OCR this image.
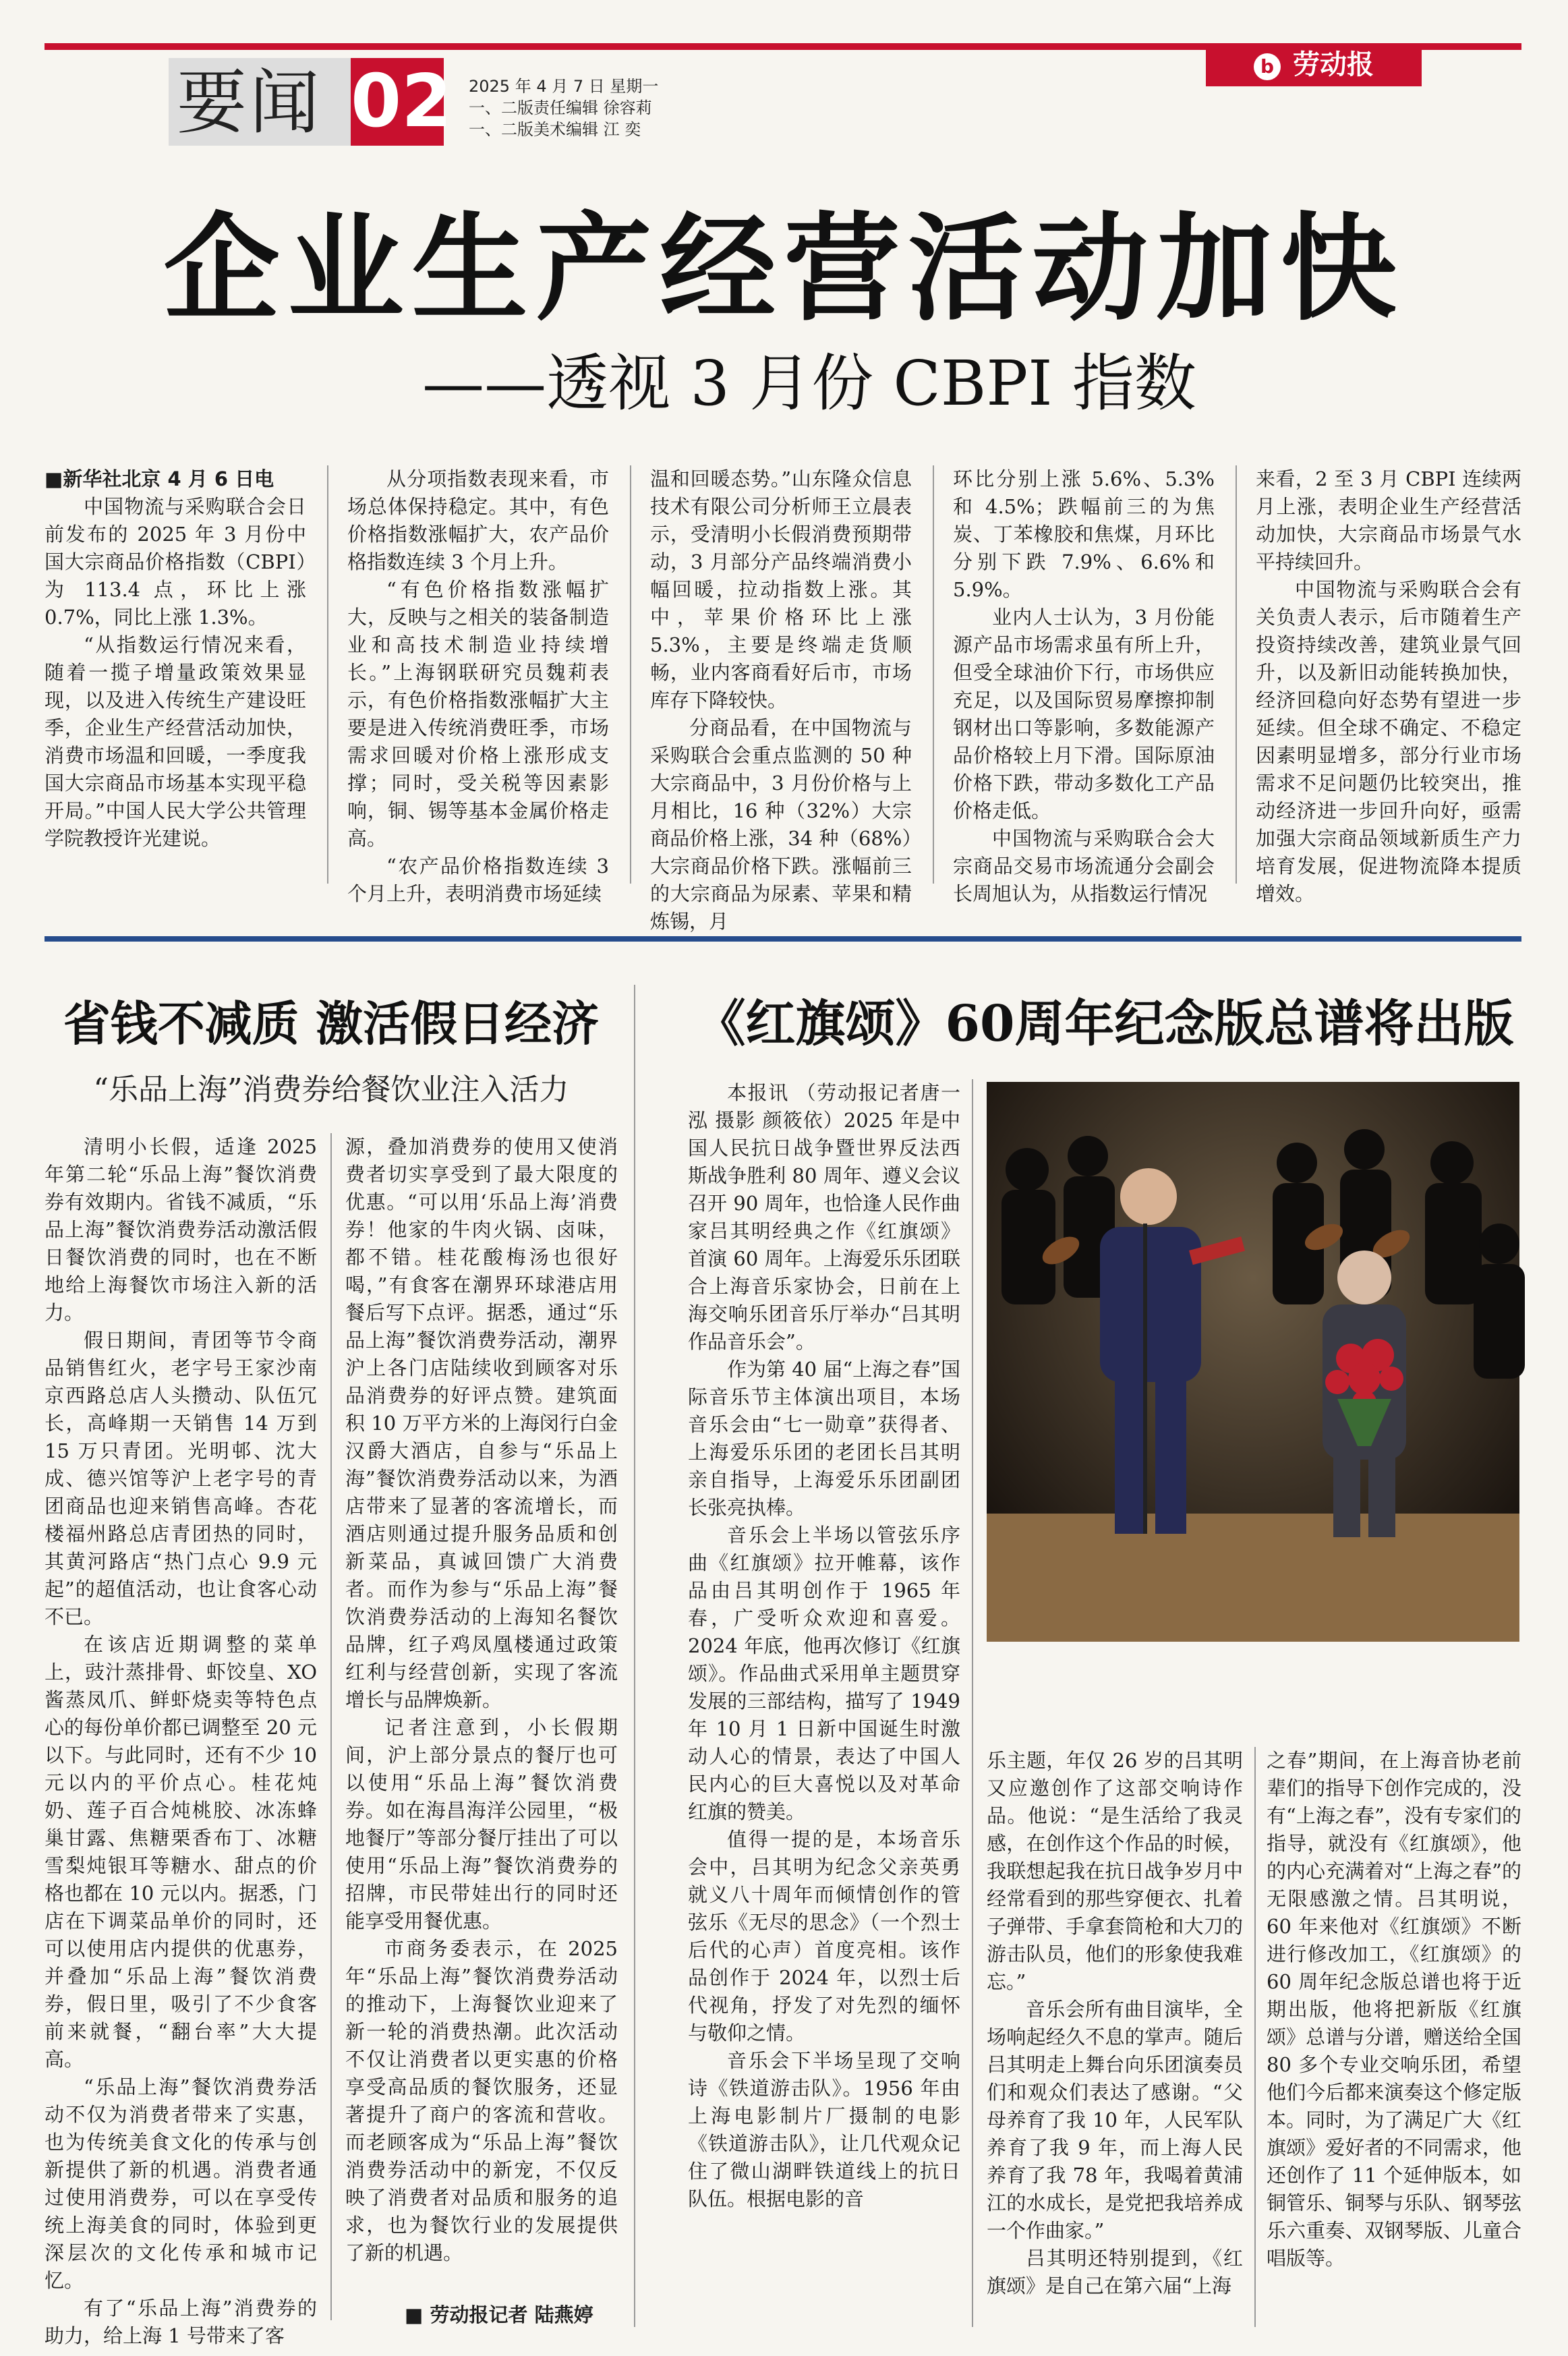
要闻 02 2025 年 4 月 7 日 星期一
一、二版责任编辑 徐容莉
一、二版美术编辑 江 奕
b 劳动报
企业生产经营活动加快
——透视 3 月份 CBPI 指数

■新华社北京 4 月 6 日电

中国物流与采购联合会日前发布的 2025 年 3 月份中国大宗商品价格指数（CBPI）为 113.4 点，环比上涨 0.7%，同比上涨 1.3%。

“从指数运行情况来看，随着一揽子增量政策效果显现，以及进入传统生产建设旺季，企业生产经营活动加快，消费市场温和回暖，一季度我国大宗商品市场基本实现平稳开局。”中国人民大学公共管理学院教授许光建说。

从分项指数表现来看，市场总体保持稳定。其中，有色价格指数涨幅扩大，农产品价格指数连续 3 个月上升。

“有色价格指数涨幅扩大，反映与之相关的装备制造业和高技术制造业持续增长。”上海钢联研究员魏莉表示，有色价格指数涨幅扩大主要是进入传统消费旺季，市场需求回暖对价格上涨形成支撑；同时，受关税等因素影响，铜、锡等基本金属价格走高。

“农产品价格指数连续 3 个月上升，表明消费市场延续

温和回暖态势。”山东隆众信息技术有限公司分析师王立晨表示，受清明小长假消费预期带动，3 月部分产品终端消费小幅回暖，拉动指数上涨。其中，苹果价格环比上涨 5.3%，主要是终端走货顺畅，业内客商看好后市，市场库存下降较快。

分商品看，在中国物流与采购联合会重点监测的 50 种大宗商品中，3 月份价格与上月相比，16 种（32%）大宗商品价格上涨，34 种（68%）大宗商品价格下跌。涨幅前三的大宗商品为尿素、苹果和精炼锡，月

环比分别上涨 5.6%、5.3%和 4.5%；跌幅前三的为焦炭、丁苯橡胶和焦煤，月环比分别下跌 7.9%、6.6%和 5.9%。

业内人士认为，3 月份能源产品市场需求虽有所上升，但受全球油价下行，市场供应充足，以及国际贸易摩擦抑制钢材出口等影响，多数能源产品价格较上月下滑。国际原油价格下跌，带动多数化工产品价格走低。

中国物流与采购联合会大宗商品交易市场流通分会副会长周旭认为，从指数运行情况

来看，2 至 3 月 CBPI 连续两月上涨，表明企业生产经营活动加快，大宗商品市场景气水平持续回升。

中国物流与采购联合会有关负责人表示，后市随着生产投资持续改善，建筑业景气回升，以及新旧动能转换加快，经济回稳向好态势有望进一步延续。但全球不确定、不稳定因素明显增多，部分行业市场需求不足问题仍比较突出，推动经济进一步回升向好，亟需加强大宗商品领域新质生产力培育发展，促进物流降本提质增效。

省钱不减质 激活假日经济
“乐品上海”消费券给餐饮业注入活力

清明小长假，适逢 2025 年第二轮“乐品上海”餐饮消费券有效期内。省钱不减质，“乐品上海”餐饮消费券活动激活假日餐饮消费的同时，也在不断地给上海餐饮市场注入新的活力。

假日期间，青团等节令商品销售红火，老字号王家沙南京西路总店人头攒动、队伍冗长，高峰期一天销售 14 万到 15 万只青团。光明邨、沈大成、德兴馆等沪上老字号的青团商品也迎来销售高峰。杏花楼福州路总店青团热的同时，其黄河路店“热门点心 9.9 元起”的超值活动，也让食客心动不已。

在该店近期调整的菜单上，豉汁蒸排骨、虾饺皇、XO 酱蒸凤爪、鲜虾烧卖等特色点心的每份单价都已调整至 20 元以下。与此同时，还有不少 10 元以内的平价点心。桂花炖奶、莲子百合炖桃胶、冰冻蜂巢甘露、焦糖栗香布丁、冰糖雪梨炖银耳等糖水、甜点的价格也都在 10 元以内。据悉，门店在下调菜品单价的同时，还可以使用店内提供的优惠券，并叠加“乐品上海”餐饮消费券，假日里，吸引了不少食客前来就餐，“翻台率”大大提高。

“乐品上海”餐饮消费券活动不仅为消费者带来了实惠，也为传统美食文化的传承与创新提供了新的机遇。消费者通过使用消费券，可以在享受传统上海美食的同时，体验到更深层次的文化传承和城市记忆。

有了“乐品上海”消费券的助力，给上海 1 号带来了客

源，叠加消费券的使用又使消费者切实享受到了最大限度的优惠。“可以用‘乐品上海’消费券！他家的牛肉火锅、卤味，都不错。桂花酸梅汤也很好喝，”有食客在潮界环球港店用餐后写下点评。据悉，通过“乐品上海”餐饮消费券活动，潮界沪上各门店陆续收到顾客对乐品消费券的好评点赞。建筑面积 10 万平方米的上海闵行白金汉爵大酒店，自参与“乐品上海”餐饮消费券活动以来，为酒店带来了显著的客流增长，而酒店则通过提升服务品质和创新菜品，真诚回馈广大消费者。而作为参与“乐品上海”餐饮消费券活动的上海知名餐饮品牌，红子鸡凤凰楼通过政策红利与经营创新，实现了客流增长与品牌焕新。

记者注意到，小长假期间，沪上部分景点的餐厅也可以使用“乐品上海”餐饮消费券。如在海昌海洋公园里，“极地餐厅”等部分餐厅挂出了可以使用“乐品上海”餐饮消费券的招牌，市民带娃出行的同时还能享受用餐优惠。

市商务委表示，在 2025 年“乐品上海”餐饮消费券活动的推动下，上海餐饮业迎来了新一轮的消费热潮。此次活动不仅让消费者以更实惠的价格享受高品质的餐饮服务，还显著提升了商户的客流和营收。而老顾客成为“乐品上海”餐饮消费券活动中的新宠，不仅反映了消费者对品质和服务的追求，也为餐饮行业的发展提供了新的机遇。

■ 劳动报记者 陆燕婷
《红旗颂》60周年纪念版总谱将出版

本报讯 （劳动报记者唐一泓 摄影 颜筱依）2025 年是中国人民抗日战争暨世界反法西斯战争胜利 80 周年、遵义会议召开 90 周年，也恰逢人民作曲家吕其明经典之作《红旗颂》首演 60 周年。上海爱乐乐团联合上海音乐家协会，日前在上海交响乐团音乐厅举办“吕其明作品音乐会”。

作为第 40 届“上海之春”国际音乐节主体演出项目，本场音乐会由“七一勋章”获得者、上海爱乐乐团的老团长吕其明亲自指导，上海爱乐乐团副团长张亮执棒。

音乐会上半场以管弦乐序曲《红旗颂》拉开帷幕，该作品由吕其明创作于 1965 年春，广受听众欢迎和喜爱。2024 年底，他再次修订《红旗颂》。作品曲式采用单主题贯穿发展的三部结构，描写了 1949 年 10 月 1 日新中国诞生时激动人心的情景，表达了中国人民内心的巨大喜悦以及对革命红旗的赞美。

值得一提的是，本场音乐会中，吕其明为纪念父亲英勇就义八十周年而倾情创作的管弦乐《无尽的思念》（一个烈士后代的心声）首度亮相。该作品创作于 2024 年，以烈士后代视角，抒发了对先烈的缅怀与敬仰之情。

音乐会下半场呈现了交响诗《铁道游击队》。1956 年由上海电影制片厂摄制的电影《铁道游击队》，让几代观众记住了微山湖畔铁道线上的抗日队伍。根据电影的音

乐主题，年仅 26 岁的吕其明又应邀创作了这部交响诗作品。他说：“是生活给了我灵感，在创作这个作品的时候，我联想起我在抗日战争岁月中经常看到的那些穿便衣、扎着子弹带、手拿套筒枪和大刀的游击队员，他们的形象使我难忘。”

音乐会所有曲目演毕，全场响起经久不息的掌声。随后吕其明走上舞台向乐团演奏员们和观众们表达了感谢。“父母养育了我 10 年，人民军队养育了我 9 年，而上海人民养育了我 78 年，我喝着黄浦江的水成长，是党把我培养成一个作曲家。”

吕其明还特别提到，《红旗颂》是自己在第六届“上海

之春”期间，在上海音协老前辈们的指导下创作完成的，没有“上海之春”，没有专家们的指导，就没有《红旗颂》，他的内心充满着对“上海之春”的无限感激之情。吕其明说，60 年来他对《红旗颂》不断进行修改加工，《红旗颂》的 60 周年纪念版总谱也将于近期出版，他将把新版《红旗颂》总谱与分谱，赠送给全国 80 多个专业交响乐团，希望他们今后都来演奏这个修定版本。同时，为了满足广大《红旗颂》爱好者的不同需求，他还创作了 11 个延伸版本，如铜管乐、铜琴与乐队、钢琴弦乐六重奏、双钢琴版、儿童合唱版等。
